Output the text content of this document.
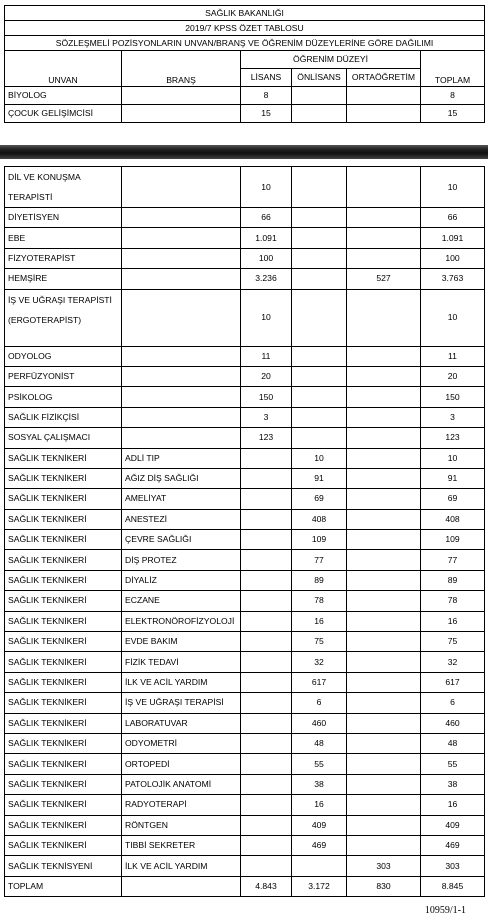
SAĞLIK BAKANLIĞI					
2019/7 KPSS ÖZET TABLOSU					
SÖZLEŞMELİ POZİSYONLARIN UNVAN/BRANŞ VE ÖĞRENİM DÜZEYLERİNE GÖRE DAĞILIMI					
UNVAN	BRANŞ	ÖĞRENİM DÜZEYİ			TOPLAM
		LİSANS	ÖNLİSANS	ORTAÖĞRETİM	
BİYOLOG		8			8
ÇOCUK GELİŞİMCİSİ		15			15
DİL VE KONUŞMA TERAPİSTİ		10			10
DİYETİSYEN		66			66
EBE		1.091			1.091
FİZYOTERAPİST		100			100
HEMŞİRE		3.236		527	3.763
İŞ VE UĞRAŞI TERAPİSTİ (ERGOTERAPİST)		10			10
ODYOLOG		11			11
PERFÜZYONİST		20			20
PSİKOLOG		150			150
SAĞLIK FİZİKÇİSİ		3			3
SOSYAL ÇALIŞMACI		123			123
SAĞLIK TEKNİKERİ	ADLİ TIP		10		10
SAĞLIK TEKNİKERİ	AĞIZ DİŞ SAĞLIĞI		91		91
SAĞLIK TEKNİKERİ	AMELİYAT		69		69
SAĞLIK TEKNİKERİ	ANESTEZİ		408		408
SAĞLIK TEKNİKERİ	ÇEVRE SAĞLIĞI		109		109
SAĞLIK TEKNİKERİ	DİŞ PROTEZ		77		77
SAĞLIK TEKNİKERİ	DİYALİZ		89		89
SAĞLIK TEKNİKERİ	ECZANE		78		78
SAĞLIK TEKNİKERİ	ELEKTRONÖROFİZYOLOJİ		16		16
SAĞLIK TEKNİKERİ	EVDE BAKIM		75		75
SAĞLIK TEKNİKERİ	FİZİK TEDAVİ		32		32
SAĞLIK TEKNİKERİ	İLK VE ACİL YARDIM		617		617
SAĞLIK TEKNİKERİ	İŞ VE UĞRAŞI TERAPİSİ		6		6
SAĞLIK TEKNİKERİ	LABORATUVAR		460		460
SAĞLIK TEKNİKERİ	ODYOMETRİ		48		48
SAĞLIK TEKNİKERİ	ORTOPEDİ		55		55
SAĞLIK TEKNİKERİ	PATOLOJİK ANATOMİ		38		38
SAĞLIK TEKNİKERİ	RADYOTERAPİ		16		16
SAĞLIK TEKNİKERİ	RÖNTGEN		409		409
SAĞLIK TEKNİKERİ	TIBBİ SEKRETER		469		469
SAĞLIK TEKNİSYENİ	İLK VE ACİL YARDIM			303	303
TOPLAM		4.843	3.172	830	8.845
10959/1-1
